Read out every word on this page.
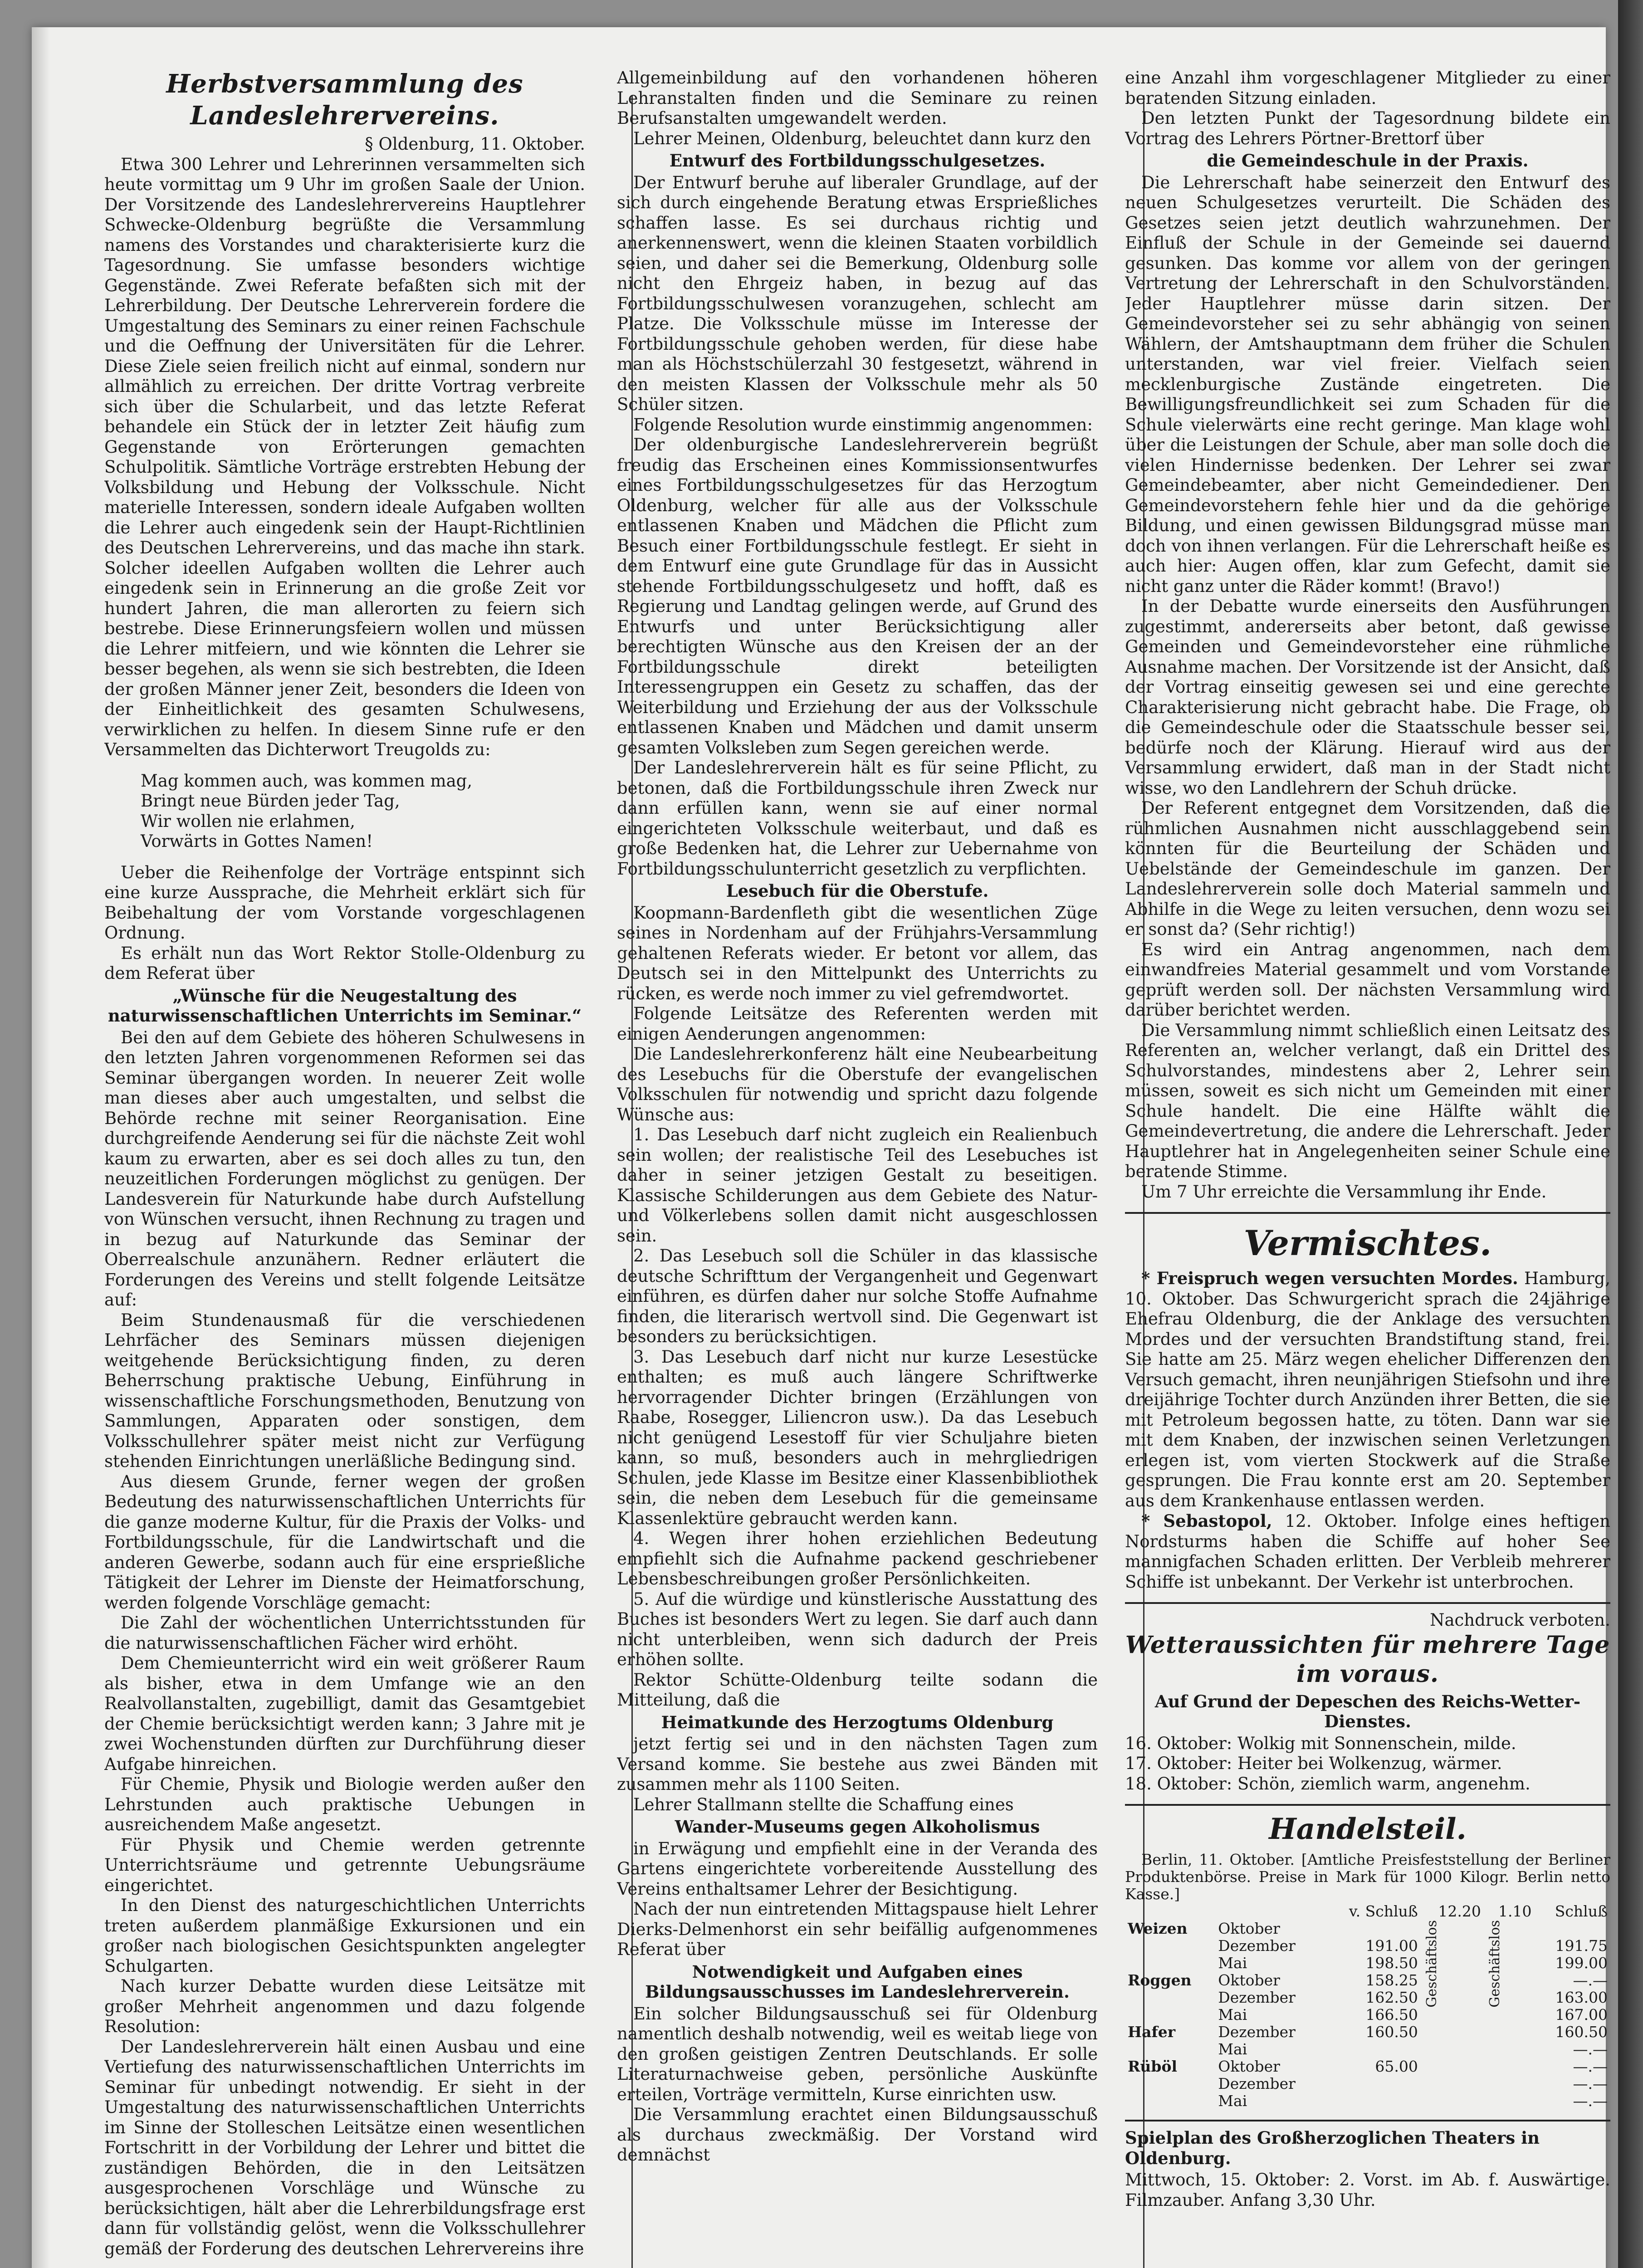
Herbstversammlung des Landeslehrervereins.
§ Oldenburg, 11. Oktober.

Etwa 300 Lehrer und Lehrerinnen versammelten sich heute vormittag um 9 Uhr im großen Saale der Union. Der Vorsitzende des Landeslehrervereins Hauptlehrer Schwecke-Oldenburg begrüßte die Versammlung namens des Vorstandes und charakterisierte kurz die Tagesordnung. Sie umfasse besonders wichtige Gegenstände. Zwei Referate befaßten sich mit der Lehrerbildung. Der Deutsche Lehrerverein fordere die Umgestaltung des Seminars zu einer reinen Fachschule und die Oeffnung der Universitäten für die Lehrer. Diese Ziele seien freilich nicht auf einmal, sondern nur allmählich zu erreichen. Der dritte Vortrag verbreite sich über die Schularbeit, und das letzte Referat behandele ein Stück der in letzter Zeit häufig zum Gegenstande von Erörterungen gemachten Schulpolitik. Sämtliche Vorträge erstrebten Hebung der Volksbildung und Hebung der Volksschule. Nicht materielle Interessen, sondern ideale Aufgaben wollten die Lehrer auch eingedenk sein der Haupt-Richtlinien des Deutschen Lehrervereins, und das mache ihn stark. Solcher ideellen Aufgaben wollten die Lehrer auch eingedenk sein in Erinnerung an die große Zeit vor hundert Jahren, die man allerorten zu feiern sich bestrebe. Diese Erinnerungsfeiern wollen und müssen die Lehrer mitfeiern, und wie könnten die Lehrer sie besser begehen, als wenn sie sich bestrebten, die Ideen der großen Männer jener Zeit, besonders die Ideen von der Einheitlichkeit des gesamten Schulwesens, verwirklichen zu helfen. In diesem Sinne rufe er den Versammelten das Dichterwort Treugolds zu:

Mag kommen auch, was kommen mag,
Bringt neue Bürden jeder Tag,
Wir wollen nie erlahmen,
Vorwärts in Gottes Namen!

Ueber die Reihenfolge der Vorträge entspinnt sich eine kurze Aussprache, die Mehrheit erklärt sich für Beibehaltung der vom Vorstande vorgeschlagenen Ordnung.

Es erhält nun das Wort Rektor Stolle-Oldenburg zu dem Referat über

„Wünsche für die Neugestaltung des naturwissenschaftlichen Unterrichts im Seminar.“

Bei den auf dem Gebiete des höheren Schulwesens in den letzten Jahren vorgenommenen Reformen sei das Seminar übergangen worden. In neuerer Zeit wolle man dieses aber auch umgestalten, und selbst die Behörde rechne mit seiner Reorganisation. Eine durchgreifende Aenderung sei für die nächste Zeit wohl kaum zu erwarten, aber es sei doch alles zu tun, den neuzeitlichen Forderungen möglichst zu genügen. Der Landesverein für Naturkunde habe durch Aufstellung von Wünschen versucht, ihnen Rechnung zu tragen und in bezug auf Naturkunde das Seminar der Oberrealschule anzunähern. Redner erläutert die Forderungen des Vereins und stellt folgende Leitsätze auf:

Beim Stundenausmaß für die verschiedenen Lehrfächer des Seminars müssen diejenigen weitgehende Berücksichtigung finden, zu deren Beherrschung praktische Uebung, Einführung in wissenschaftliche Forschungsmethoden, Benutzung von Sammlungen, Apparaten oder sonstigen, dem Volksschullehrer später meist nicht zur Verfügung stehenden Einrichtungen unerläßliche Bedingung sind.

Aus diesem Grunde, ferner wegen der großen Bedeutung des naturwissenschaftlichen Unterrichts für die ganze moderne Kultur, für die Praxis der Volks- und Fortbildungsschule, für die Landwirtschaft und die anderen Gewerbe, sodann auch für eine ersprießliche Tätigkeit der Lehrer im Dienste der Heimatforschung, werden folgende Vorschläge gemacht:

Die Zahl der wöchentlichen Unterrichtsstunden für die naturwissenschaftlichen Fächer wird erhöht.

Dem Chemieunterricht wird ein weit größerer Raum als bisher, etwa in dem Umfange wie an den Realvollanstalten, zugebilligt, damit das Gesamtgebiet der Chemie berücksichtigt werden kann; 3 Jahre mit je zwei Wochenstunden dürften zur Durchführung dieser Aufgabe hinreichen.

Für Chemie, Physik und Biologie werden außer den Lehrstunden auch praktische Uebungen in ausreichendem Maße angesetzt.

Für Physik und Chemie werden getrennte Unterrichtsräume und getrennte Uebungsräume eingerichtet.

In den Dienst des naturgeschichtlichen Unterrichts treten außerdem planmäßige Exkursionen und ein großer nach biologischen Gesichtspunkten angelegter Schulgarten.

Nach kurzer Debatte wurden diese Leitsätze mit großer Mehrheit angenommen und dazu folgende Resolution:

Der Landeslehrerverein hält einen Ausbau und eine Vertiefung des naturwissenschaftlichen Unterrichts im Seminar für unbedingt notwendig. Er sieht in der Umgestaltung des naturwissenschaftlichen Unterrichts im Sinne der Stolleschen Leitsätze einen wesentlichen Fortschritt in der Vorbildung der Lehrer und bittet die zuständigen Behörden, die in den Leitsätzen ausgesprochenen Vorschläge und Wünsche zu berücksichtigen, hält aber die Lehrerbildungsfrage erst dann für vollständig gelöst, wenn die Volksschullehrer gemäß der Forderung des deutschen Lehrervereins ihre

Allgemeinbildung auf den vorhandenen höheren Lehranstalten finden und die Seminare zu reinen Berufsanstalten umgewandelt werden.

Lehrer Meinen, Oldenburg, beleuchtet dann kurz den

Entwurf des Fortbildungsschulgesetzes.

Der Entwurf beruhe auf liberaler Grundlage, auf der sich durch eingehende Beratung etwas Ersprießliches schaffen lasse. Es sei durchaus richtig und anerkennenswert, wenn die kleinen Staaten vorbildlich seien, und daher sei die Bemerkung, Oldenburg solle nicht den Ehrgeiz haben, in bezug auf das Fortbildungsschulwesen voranzugehen, schlecht am Platze. Die Volksschule müsse im Interesse der Fortbildungsschule gehoben werden, für diese habe man als Höchstschülerzahl 30 festgesetzt, während in den meisten Klassen der Volksschule mehr als 50 Schüler sitzen.

Folgende Resolution wurde einstimmig angenommen:

Der oldenburgische Landeslehrerverein begrüßt freudig das Erscheinen eines Kommissionsentwurfes eines Fortbildungsschulgesetzes für das Herzogtum Oldenburg, welcher für alle aus der Volksschule entlassenen Knaben und Mädchen die Pflicht zum Besuch einer Fortbildungsschule festlegt. Er sieht in dem Entwurf eine gute Grundlage für das in Aussicht stehende Fortbildungsschulgesetz und hofft, daß es Regierung und Landtag gelingen werde, auf Grund des Entwurfs und unter Berücksichtigung aller berechtigten Wünsche aus den Kreisen der an der Fortbildungsschule direkt beteiligten Interessengruppen ein Gesetz zu schaffen, das der Weiterbildung und Erziehung der aus der Volksschule entlassenen Knaben und Mädchen und damit unserm gesamten Volksleben zum Segen gereichen werde.

Der Landeslehrerverein hält es für seine Pflicht, zu betonen, daß die Fortbildungsschule ihren Zweck nur dann erfüllen kann, wenn sie auf einer normal eingerichteten Volksschule weiterbaut, und daß es große Bedenken hat, die Lehrer zur Uebernahme von Fortbildungsschulunterricht gesetzlich zu verpflichten.

Lesebuch für die Oberstufe.

Koopmann-Bardenfleth gibt die wesentlichen Züge seines in Nordenham auf der Frühjahrs-Versammlung gehaltenen Referats wieder. Er betont vor allem, das Deutsch sei in den Mittelpunkt des Unterrichts zu rücken, es werde noch immer zu viel gefremdwortet.

Folgende Leitsätze des Referenten werden mit einigen Aenderungen angenommen:

Die Landeslehrerkonferenz hält eine Neubearbeitung des Lesebuchs für die Oberstufe der evangelischen Volksschulen für notwendig und spricht dazu folgende Wünsche aus:

1. Das Lesebuch darf nicht zugleich ein Realienbuch sein wollen; der realistische Teil des Lesebuches ist daher in seiner jetzigen Gestalt zu beseitigen. Klassische Schilderungen aus dem Gebiete des Natur- und Völkerlebens sollen damit nicht ausgeschlossen sein.

2. Das Lesebuch soll die Schüler in das klassische deutsche Schrifttum der Vergangenheit und Gegenwart einführen, es dürfen daher nur solche Stoffe Aufnahme finden, die literarisch wertvoll sind. Die Gegenwart ist besonders zu berücksichtigen.

3. Das Lesebuch darf nicht nur kurze Lesestücke enthalten; es muß auch längere Schriftwerke hervorragender Dichter bringen (Erzählungen von Raabe, Rosegger, Liliencron usw.). Da das Lesebuch nicht genügend Lesestoff für vier Schuljahre bieten kann, so muß, besonders auch in mehrgliedrigen Schulen, jede Klasse im Besitze einer Klassenbibliothek sein, die neben dem Lesebuch für die gemeinsame Klassenlektüre gebraucht werden kann.

4. Wegen ihrer hohen erziehlichen Bedeutung empfiehlt sich die Aufnahme packend geschriebener Lebensbeschreibungen großer Persönlichkeiten.

5. Auf die würdige und künstlerische Ausstattung des Buches ist besonders Wert zu legen. Sie darf auch dann nicht unterbleiben, wenn sich dadurch der Preis erhöhen sollte.

Rektor Schütte-Oldenburg teilte sodann die Mitteilung, daß die

Heimatkunde des Herzogtums Oldenburg

jetzt fertig sei und in den nächsten Tagen zum Versand komme. Sie bestehe aus zwei Bänden mit zusammen mehr als 1100 Seiten.

Lehrer Stallmann stellte die Schaffung eines

Wander-Museums gegen Alkoholismus

in Erwägung und empfiehlt eine in der Veranda des Gartens eingerichtete vorbereitende Ausstellung des Vereins enthaltsamer Lehrer der Besichtigung.

Nach der nun eintretenden Mittagspause hielt Lehrer Dierks-Delmenhorst ein sehr beifällig aufgenommenes Referat über

Notwendigkeit und Aufgaben eines Bildungsausschusses im Landeslehrerverein.

Ein solcher Bildungsausschuß sei für Oldenburg namentlich deshalb notwendig, weil es weitab liege von den großen geistigen Zentren Deutschlands. Er solle Literaturnachweise geben, persönliche Auskünfte erteilen, Vorträge vermitteln, Kurse einrichten usw.

Die Versammlung erachtet einen Bildungsausschuß als durchaus zweckmäßig. Der Vorstand wird demnächst

eine Anzahl ihm vorgeschlagener Mitglieder zu einer beratenden Sitzung einladen.

Den letzten Punkt der Tagesordnung bildete ein Vortrag des Lehrers Pörtner-Brettorf über

die Gemeindeschule in der Praxis.

Die Lehrerschaft habe seinerzeit den Entwurf des neuen Schulgesetzes verurteilt. Die Schäden des Gesetzes seien jetzt deutlich wahrzunehmen. Der Einfluß der Schule in der Gemeinde sei dauernd gesunken. Das komme vor allem von der geringen Vertretung der Lehrerschaft in den Schulvorständen. Jeder Hauptlehrer müsse darin sitzen. Der Gemeindevorsteher sei zu sehr abhängig von seinen Wählern, der Amtshauptmann dem früher die Schulen unterstanden, war viel freier. Vielfach seien mecklenburgische Zustände eingetreten. Die Bewilligungsfreundlichkeit sei zum Schaden für die Schule vielerwärts eine recht geringe. Man klage wohl über die Leistungen der Schule, aber man solle doch die vielen Hindernisse bedenken. Der Lehrer sei zwar Gemeindebeamter, aber nicht Gemeindediener. Den Gemeindevorstehern fehle hier und da die gehörige Bildung, und einen gewissen Bildungsgrad müsse man doch von ihnen verlangen. Für die Lehrerschaft heiße es auch hier: Augen offen, klar zum Gefecht, damit sie nicht ganz unter die Räder kommt! (Bravo!)

In der Debatte wurde einerseits den Ausführungen zugestimmt, andererseits aber betont, daß gewisse Gemeinden und Gemeindevorsteher eine rühmliche Ausnahme machen. Der Vorsitzende ist der Ansicht, daß der Vortrag einseitig gewesen sei und eine gerechte Charakterisierung nicht gebracht habe. Die Frage, ob die Gemeindeschule oder die Staatsschule besser sei, bedürfe noch der Klärung. Hierauf wird aus der Versammlung erwidert, daß man in der Stadt nicht wisse, wo den Landlehrern der Schuh drücke.

Der Referent entgegnet dem Vorsitzenden, daß die rühmlichen Ausnahmen nicht ausschlaggebend sein könnten für die Beurteilung der Schäden und Uebelstände der Gemeindeschule im ganzen. Der Landeslehrerverein solle doch Material sammeln und Abhilfe in die Wege zu leiten versuchen, denn wozu sei er sonst da? (Sehr richtig!)

Es wird ein Antrag angenommen, nach dem einwandfreies Material gesammelt und vom Vorstande geprüft werden soll. Der nächsten Versammlung wird darüber berichtet werden.

Die Versammlung nimmt schließlich einen Leitsatz des Referenten an, welcher verlangt, daß ein Drittel des Schulvorstandes, mindestens aber 2, Lehrer sein müssen, soweit es sich nicht um Gemeinden mit einer Schule handelt. Die eine Hälfte wählt die Gemeindevertretung, die andere die Lehrerschaft. Jeder Hauptlehrer hat in Angelegenheiten seiner Schule eine beratende Stimme.

Um 7 Uhr erreichte die Versammlung ihr Ende.

Vermischtes.

* Freispruch wegen versuchten Mordes. Hamburg, 10. Oktober. Das Schwurgericht sprach die 24jährige Ehefrau Oldenburg, die der Anklage des versuchten Mordes und der versuchten Brandstiftung stand, frei. Sie hatte am 25. März wegen ehelicher Differenzen den Versuch gemacht, ihren neunjährigen Stiefsohn und ihre dreijährige Tochter durch Anzünden ihrer Betten, die sie mit Petroleum begossen hatte, zu töten. Dann war sie mit dem Knaben, der inzwischen seinen Verletzungen erlegen ist, vom vierten Stockwerk auf die Straße gesprungen. Die Frau konnte erst am 20. September aus dem Krankenhause entlassen werden.

* Sebastopol, 12. Oktober. Infolge eines heftigen Nordsturms haben die Schiffe auf hoher See mannigfachen Schaden erlitten. Der Verbleib mehrerer Schiffe ist unbekannt. Der Verkehr ist unterbrochen.

Nachdruck verboten.

Wetteraussichten für mehrere Tage im voraus.

Auf Grund der Depeschen des Reichs-Wetter-Dienstes.

16. Oktober: Wolkig mit Sonnenschein, milde.
17. Oktober: Heiter bei Wolkenzug, wärmer.
18. Oktober: Schön, ziemlich warm, angenehm.
Handelsteil.

Berlin, 11. Oktober. [Amtliche Preisfeststellung der Berliner Produktenbörse. Preise in Mark für 1000 Kilogr. Berlin netto Kasse.]

		v. Schluß	12.20	1.10	Schluß
Weizen	Oktober		Geschäftslos	Geschäftslos	

	Dezember	191.00			191.75
	Mai	198.50			199.00
Roggen	Oktober	158.25			—.—
	Dezember	162.50			163.00
	Mai	166.50			167.00
Hafer	Dezember	160.50			160.50
	Mai				—.—
Rüböl	Oktober	65.00			—.—
	Dezember				—.—
	Mai				—.—

Spielplan des Großherzoglichen Theaters in Oldenburg.

Mittwoch, 15. Oktober: 2. Vorst. im Ab. f. Auswärtige. Filmzauber. Anfang 3,30 Uhr.
